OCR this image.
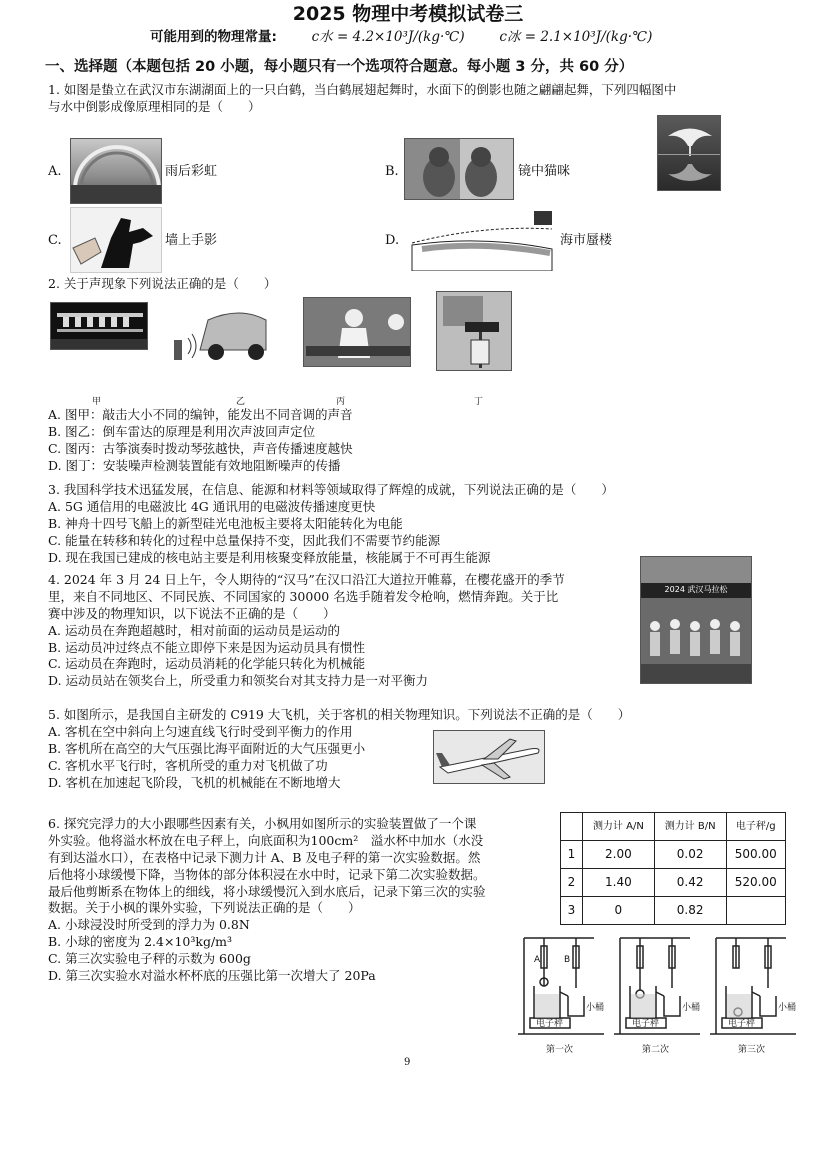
2025 物理中考模拟试卷三
可能用到的物理常量:	c水 = 4.2×10³J/(kg·℃)	c冰 = 2.1×10³J/(kg·℃)
一、选择题（本题包括 20 小题，每小题只有一个选项符合题意。每小题 3 分，共 60 分）
1. 如图是蛰立在武汉市东湖湖面上的一只白鹤，当白鹤展翅起舞时，水面下的倒影也随之翩翩起舞，下列四幅图中
与水中倒影成像原理相同的是（　　）
A.	雨后彩虹	B.	镜中猫咪
C.	墙上手影	D.	海市蜃楼
2. 关于声现象下列说法正确的是（　　）
甲	乙	丙	丁
A. 图甲：敲击大小不同的编钟，能发出不同音调的声音
B. 图乙：倒车雷达的原理是利用次声波回声定位
C. 图丙：古筝演奏时拨动琴弦越快，声音传播速度越快
D. 图丁：安装噪声检测装置能有效地阻断噪声的传播
3. 我国科学技术迅猛发展，在信息、能源和材料等领域取得了辉煌的成就，下列说法正确的是（　　）
A. 5G 通信用的电磁波比 4G 通讯用的电磁波传播速度更快
B. 神舟十四号飞船上的新型硅光电池板主要将太阳能转化为电能
C. 能量在转移和转化的过程中总量保持不变，因此我们不需要节约能源
D. 现在我国已建成的核电站主要是利用核聚变释放能量，核能属于不可再生能源
4. 2024 年 3 月 24 日上午，令人期待的“汉马”在汉口沿江大道拉开帷幕，在樱花盛开的季节
里，来自不同地区、不同民族、不同国家的 30000 名选手随着发令枪响，燃情奔跑。关于比
赛中涉及的物理知识，以下说法不正确的是（　　）
A. 运动员在奔跑超越时，相对前面的运动员是运动的
B. 运动员冲过终点不能立即停下来是因为运动员具有惯性
C. 运动员在奔跑时，运动员消耗的化学能只转化为机械能
D. 运动员站在领奖台上，所受重力和领奖台对其支持力是一对平衡力
2024 武汉马拉松
5. 如图所示，是我国自主研发的 C919 大飞机，关于客机的相关物理知识。下列说法不正确的是（　　）
A. 客机在空中斜向上匀速直线飞行时受到平衡力的作用
B. 客机所在高空的大气压强比海平面附近的大气压强更小
C. 客机水平飞行时，客机所受的重力对飞机做了功
D. 客机在加速起飞阶段，飞机的机械能在不断地增大
6. 探究完浮力的大小跟哪些因素有关，小枫用如图所示的实验装置做了一个课
外实验。他将溢水杯放在电子秤上，向底面积为100cm²　溢水杯中加水（水没
有到达溢水口），在表格中记录下测力计 A、B 及电子秤的第一次实验数据。然
后他将小球缓慢下降，当物体的部分体积浸在水中时，记录下第二次实验数据。
最后他剪断系在物体上的细线，将小球缓慢沉入到水底后，记录下第三次的实验
数据。关于小枫的课外实验，下列说法正确的是（　　）
A. 小球浸没时所受到的浮力为 0.8N
B. 小球的密度为 2.4×10³kg/m³
C. 第三次实验电子秤的示数为 600g
D. 第三次实验水对溢水杯杯底的压强比第一次增大了 20Pa
	测力计 A/N	测力计 B/N	电子秤/g
1	2.00	0.02	500.00
2	1.40	0.42	520.00
3	0	0.82	
A	B
电子秤	电子秤	电子秤
小桶	小桶	小桶
第一次	第二次	第三次
9
